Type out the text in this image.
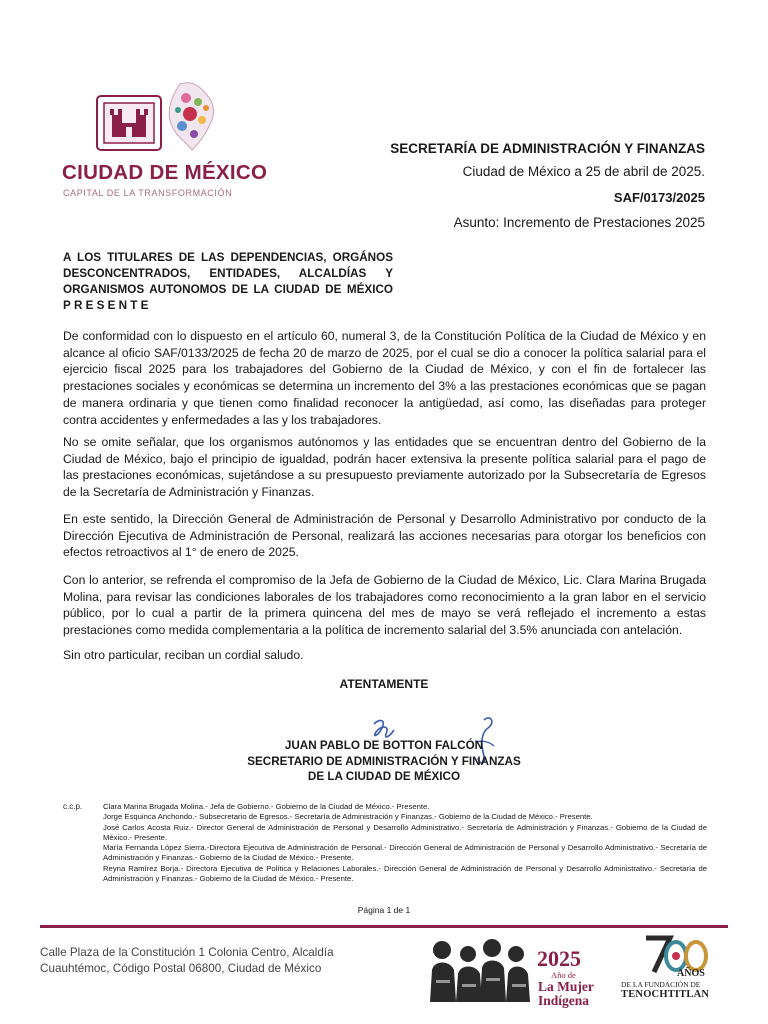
CIUDAD DE MÉXICO
CAPITAL DE LA TRANSFORMACIÓN
SECRETARÍA DE ADMINISTRACIÓN Y FINANZAS
Ciudad de México a 25 de abril de 2025.
SAF/0173/2025
Asunto: Incremento de Prestaciones 2025
A LOS TITULARES DE LAS DEPENDENCIAS, ORGÁNOS
DESCONCENTRADOS, ENTIDADES, ALCALDÍAS Y
ORGANISMOS AUTONOMOS DE LA CIUDAD DE MÉXICO
PRESENTE
De conformidad con lo dispuesto en el artículo 60, numeral 3, de la Constitución Política de la Ciudad de México y en alcance al oficio SAF/0133/2025 de fecha 20 de marzo de 2025, por el cual se dio a conocer la política salarial para el ejercicio fiscal 2025 para los trabajadores del Gobierno de la Ciudad de México, y con el fin de fortalecer las prestaciones sociales y económicas se determina un incremento del 3% a las prestaciones económicas que se pagan de manera ordinaria y que tienen como finalidad reconocer la antigüedad, así como, las diseñadas para proteger contra accidentes y enfermedades a las y los trabajadores.
No se omite señalar, que los organismos autónomos y las entidades que se encuentran dentro del Gobierno de la Ciudad de México, bajo el principio de igualdad, podrán hacer extensiva la presente política salarial para el pago de las prestaciones económicas, sujetándose a su presupuesto previamente autorizado por la Subsecretaría de Egresos de la Secretaría de Administración y Finanzas.
En este sentido, la Dirección General de Administración de Personal y Desarrollo Administrativo por conducto de la Dirección Ejecutiva de Administración de Personal, realizará las acciones necesarias para otorgar los beneficios con efectos retroactivos al 1° de enero de 2025.
Con lo anterior, se refrenda el compromiso de la Jefa de Gobierno de la Ciudad de México, Lic. Clara Marina Brugada Molina, para revisar las condiciones laborales de los trabajadores como reconocimiento a la gran labor en el servicio público, por lo cual a partir de la primera quincena del mes de mayo se verá reflejado el incremento a estas prestaciones como medida complementaria a la política de incremento salarial del 3.5% anunciada con antelación.
Sin otro particular, reciban un cordial saludo.
ATENTAMENTE
JUAN PABLO DE BOTTON FALCÓN
SECRETARIO DE ADMINISTRACIÓN Y FINANZAS
DE LA CIUDAD DE MÉXICO
c.c.p.	Clara Marina Brugada Molina.- Jefa de Gobierno.- Gobierno de la Ciudad de México.- Presente.
Jorge Esquinca Anchondo.- Subsecretario de Egresos.- Secretaría de Administración y Finanzas.- Gobierno de la Ciudad de México.- Presente.
José Carlos Acosta Ruiz.- Director General de Administración de Personal y Desarrollo Administrativo.- Secretaría de Administración y Finanzas.- Gobierno de la Ciudad de México.- Presente.
María Fernanda López Sierra.-Directora Ejecutiva de Administración de Personal.- Dirección General de Administración de Personal y Desarrollo Administrativo.- Secretaría de Administración y Finanzas.- Gobierno de la Ciudad de México.- Presente.
Reyna Ramírez Borja.- Directora Ejecutiva de Política y Relaciones Laborales.- Dirección General de Administración de Personal y Desarrollo Administrativo.- Secretaría de Administración y Finanzas.- Gobierno de la Ciudad de México.- Presente.
Página 1 de 1
Calle Plaza de la Constitución 1 Colonia Centro, Alcaldía Cuauhtémoc, Código Postal 06800, Ciudad de México	2025
Año de
La Mujer
Indígena
AÑOS
DE LA FUNDACIÓN DE
TENOCHTITLAN
